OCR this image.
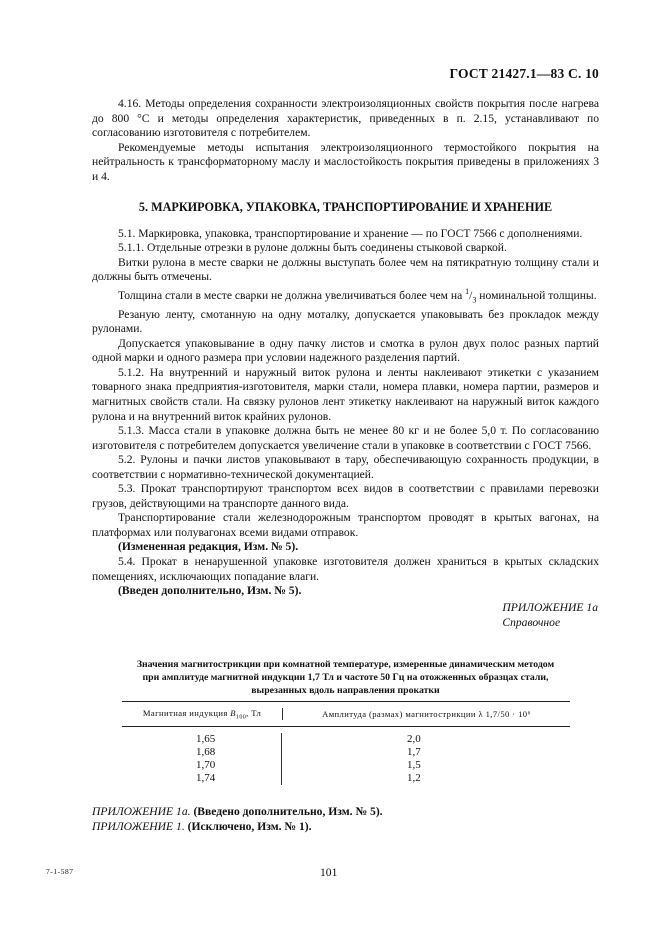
ГОСТ 21427.1—83 С. 10

4.16. Методы определения сохранности электроизоляционных свойств покрытия после нагрева до 800 °С и методы определения характеристик, приведенных в п. 2.15, устанавливают по согласованию изготовителя с потребителем.

Рекомендуемые методы испытания электроизоляционного термостойкого покрытия на нейтральность к трансформаторному маслу и маслостойкость покрытия приведены в приложениях 3 и 4.

5. МАРКИРОВКА, УПАКОВКА, ТРАНСПОРТИРОВАНИЕ И ХРАНЕНИЕ

5.1. Маркировка, упаковка, транспортирование и хранение — по ГОСТ 7566 с дополнениями.

5.1.1. Отдельные отрезки в рулоне должны быть соединены стыковой сваркой.

Витки рулона в месте сварки не должны выступать более чем на пятикратную толщину стали и должны быть отмечены.

Толщина стали в месте сварки не должна увеличиваться более чем на $^1/_3$ номинальной толщины.

Резаную ленту, смотанную на одну моталку, допускается упаковывать без прокладок между рулонами.

Допускается упаковывание в одну пачку листов и смотка в рулон двух полос разных партий одной марки и одного размера при условии надежного разделения партий.

5.1.2. На внутренний и наружный виток рулона и ленты наклеивают этикетки с указанием товарного знака предприятия-изготовителя, марки стали, номера плавки, номера партии, размеров и магнитных свойств стали. На связку рулонов лент этикетку наклеивают на наружный виток каждого рулона и на внутренний виток крайних рулонов.

5.1.3. Масса стали в упаковке должна быть не менее 80 кг и не более 5,0 т. По согласованию изготовителя с потребителем допускается увеличение стали в упаковке в соответствии с ГОСТ 7566.

5.2. Рулоны и пачки листов упаковывают в тару, обеспечивающую сохранность продукции, в соответствии с нормативно-технической документацией.

5.3. Прокат транспортируют транспортом всех видов в соответствии с правилами перевозки грузов, действующими на транспорте данного вида.

Транспортирование стали железнодорожным транспортом проводят в крытых вагонах, на платформах или полувагонах всеми видами отправок.

(Измененная редакция, Изм. № 5).

5.4. Прокат в ненарушенной упаковке изготовителя должен храниться в крытых складских помещениях, исключающих попадание влаги.

(Введен дополнительно, Изм. № 5).

ПРИЛОЖЕНИЕ 1а
Справочное
Значения магнитострикции при комнатной температуре, измеренные динамическим методом
при амплитуде магнитной индукции 1,7 Тл и частоте 50 Гц на отожженных образцах стали,
вырезанных вдоль направления прокатки
Магнитная индукция $B_{100}$, Тл	Амплитуда (размах) магнитострикции λ 1,7/50 · 10⁶
1,65
1,68
1,70
1,74
2,0
1,7
1,5
1,2
ПРИЛОЖЕНИЕ 1а. (Введено дополнительно, Изм. № 5).
ПРИЛОЖЕНИЕ 1. (Исключено, Изм. № 1).
7-1-587	101
